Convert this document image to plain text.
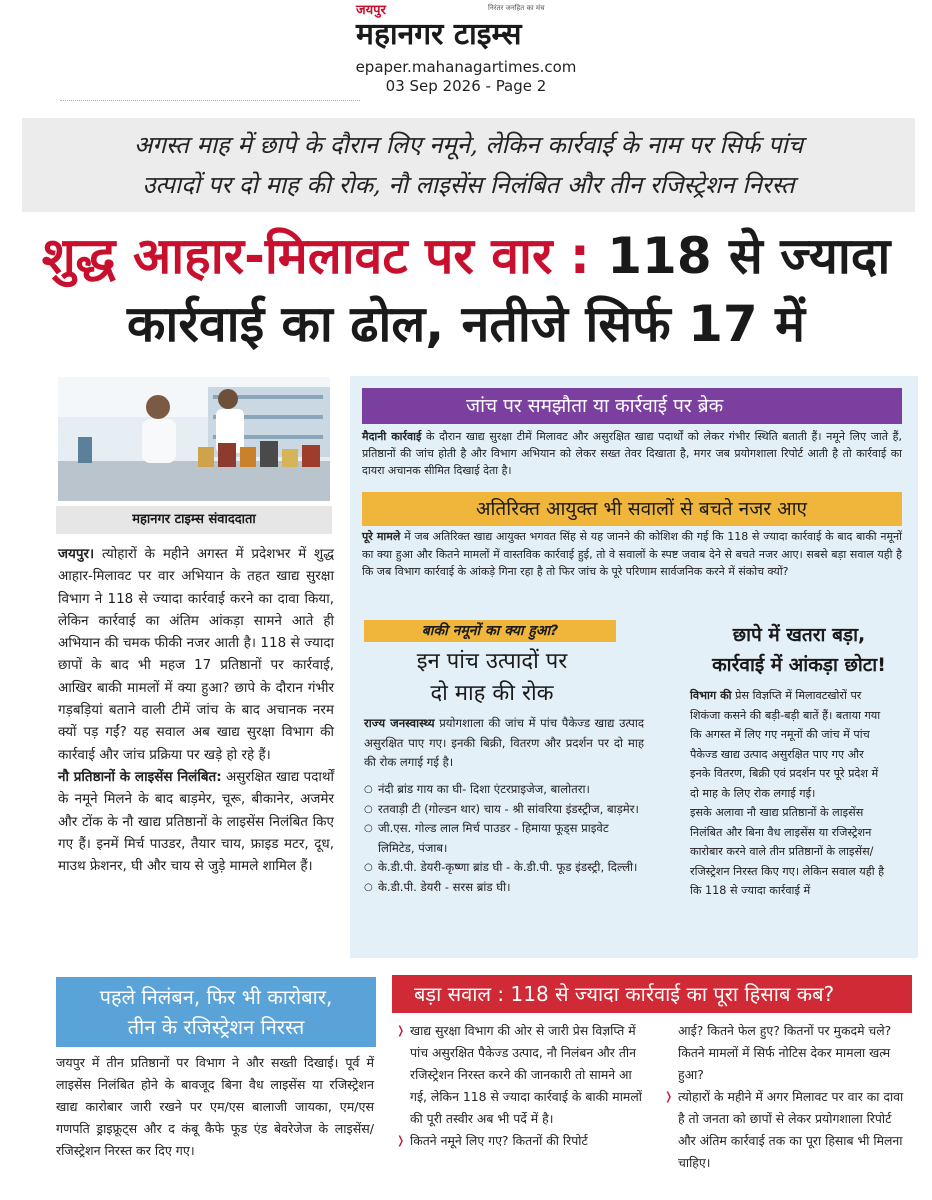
जयपुर	निरंतर जनहित का मंच
महानगर टाइम्स
epaper.mahanagartimes.com
03 Sep 2026 - Page 2

अगस्त माह में छापे के दौरान लिए नमूने, लेकिन कार्रवाई के नाम पर सिर्फ पांच

उत्पादों पर दो माह की रोक, नौ लाइसेंस निलंबित और तीन रजिस्ट्रेशन निरस्त

शुद्ध आहार-मिलावट पर वार : 118 से ज्यादा
कार्रवाई का ढोल, नतीजे सिर्फ 17 में
महानगर टाइम्स संवाददाता

जयपुर। त्योहारों के महीने अगस्त में प्रदेशभर में शुद्ध आहार-मिलावट पर वार अभियान के तहत खाद्य सुरक्षा विभाग ने 118 से ज्यादा कार्रवाई करने का दावा किया, लेकिन कार्रवाई का अंतिम आंकड़ा सामने आते ही अभियान की चमक फीकी नजर आती है। 118 से ज्यादा छापों के बाद भी महज 17 प्रतिष्ठानों पर कार्रवाई, आखिर बाकी मामलों में क्या हुआ? छापे के दौरान गंभीर गड़बड़ियां बताने वाली टीमें जांच के बाद अचानक नरम क्यों पड़ गईं? यह सवाल अब खाद्य सुरक्षा विभाग की कार्रवाई और जांच प्रक्रिया पर खड़े हो रहे हैं।

नौ प्रतिष्ठानों के लाइसेंस निलंबित: असुरक्षित खाद्य पदार्थों के नमूने मिलने के बाद बाड़मेर, चूरू, बीकानेर, अजमेर और टोंक के नौ खाद्य प्रतिष्ठानों के लाइसेंस निलंबित किए गए हैं। इनमें मिर्च पाउडर, तैयार चाय, फ्राइड मटर, दूध, माउथ फ्रेशनर, घी और चाय से जुड़े मामले शामिल हैं।

जांच पर समझौता या कार्रवाई पर ब्रेक

मैदानी कार्रवाई के दौरान खाद्य सुरक्षा टीमें मिलावट और असुरक्षित खाद्य पदार्थों को लेकर गंभीर स्थिति बताती हैं। नमूने लिए जाते हैं, प्रतिष्ठानों की जांच होती है और विभाग अभियान को लेकर सख्त तेवर दिखाता है, मगर जब प्रयोगशाला रिपोर्ट आती है तो कार्रवाई का दायरा अचानक सीमित दिखाई देता है।

अतिरिक्त आयुक्त भी सवालों से बचते नजर आए

पूरे मामले में जब अतिरिक्त खाद्य आयुक्त भगवत सिंह से यह जानने की कोशिश की गई कि 118 से ज्यादा कार्रवाई के बाद बाकी नमूनों का क्या हुआ और कितने मामलों में वास्तविक कार्रवाई हुई, तो वे सवालों के स्पष्ट जवाब देने से बचते नजर आए। सबसे बड़ा सवाल यही है कि जब विभाग कार्रवाई के आंकड़े गिना रहा है तो फिर जांच के पूरे परिणाम सार्वजनिक करने में संकोच क्यों?

बाकी नमूनों का क्या हुआ?
इन पांच उत्पादों पर
दो माह की रोक

राज्य जनस्वास्थ्य प्रयोगशाला की जांच में पांच पैकेज्ड खाद्य उत्पाद असुरक्षित पाए गए। इनकी बिक्री, वितरण और प्रदर्शन पर दो माह की रोक लगाई गई है।

○ नंदी ब्रांड गाय का घी- दिशा एंटरप्राइजेज, बालोतरा।
○ रतवाड़ी टी (गोल्डन थार) चाय - श्री सांवरिया इंडस्ट्रीज, बाड़मेर।
○ जी.एस. गोल्ड लाल मिर्च पाउडर - हिमाया फूड्स प्राइवेट लिमिटेड, पंजाब।
○ के.डी.पी. डेयरी-कृष्णा ब्रांड घी - के.डी.पी. फूड इंडस्ट्री, दिल्ली।
○ के.डी.पी. डेयरी - सरस ब्रांड घी।
छापे में खतरा बड़ा,
कार्रवाई में आंकड़ा छोटा!

विभाग की प्रेस विज्ञप्ति में मिलावटखोरों पर शिकंजा कसने की बड़ी-बड़ी बातें हैं। बताया गया कि अगस्त में लिए गए नमूनों की जांच में पांच पैकेज्ड खाद्य उत्पाद असुरक्षित पाए गए और इनके वितरण, बिक्री एवं प्रदर्शन पर पूरे प्रदेश में दो माह के लिए रोक लगाई गई।

इसके अलावा नौ खाद्य प्रतिष्ठानों के लाइसेंस निलंबित और बिना वैध लाइसेंस या रजिस्ट्रेशन कारोबार करने वाले तीन प्रतिष्ठानों के लाइसेंस/रजिस्ट्रेशन निरस्त किए गए। लेकिन सवाल यही है कि 118 से ज्यादा कार्रवाई में

पहले निलंबन, फिर भी कारोबार,
तीन के रजिस्ट्रेशन निरस्त

जयपुर में तीन प्रतिष्ठानों पर विभाग ने और सख्ती दिखाई। पूर्व में लाइसेंस निलंबित होने के बावजूद बिना वैध लाइसेंस या रजिस्ट्रेशन खाद्य कारोबार जारी रखने पर एम/एस बालाजी जायका, एम/एस गणपति ड्राइफ्रूट्स और द कंबू कैफे फूड एंड बेवरेजेज के लाइसेंस/रजिस्ट्रेशन निरस्त कर दिए गए।

बड़ा सवाल : 118 से ज्यादा कार्रवाई का पूरा हिसाब कब?
❭ खाद्य सुरक्षा विभाग की ओर से जारी प्रेस विज्ञप्ति में पांच असुरक्षित पैकेज्ड उत्पाद, नौ निलंबन और तीन रजिस्ट्रेशन निरस्त करने की जानकारी तो सामने आ गई, लेकिन 118 से ज्यादा कार्रवाई के बाकी मामलों की पूरी तस्वीर अब भी पर्दे में है।
❭ कितने नमूने लिए गए? कितनों की रिपोर्ट
आई? कितने फेल हुए? कितनों पर मुकदमे चले? कितने मामलों में सिर्फ नोटिस देकर मामला खत्म हुआ?
❭ त्योहारों के महीने में अगर मिलावट पर वार का दावा है तो जनता को छापों से लेकर प्रयोगशाला रिपोर्ट और अंतिम कार्रवाई तक का पूरा हिसाब भी मिलना चाहिए।
